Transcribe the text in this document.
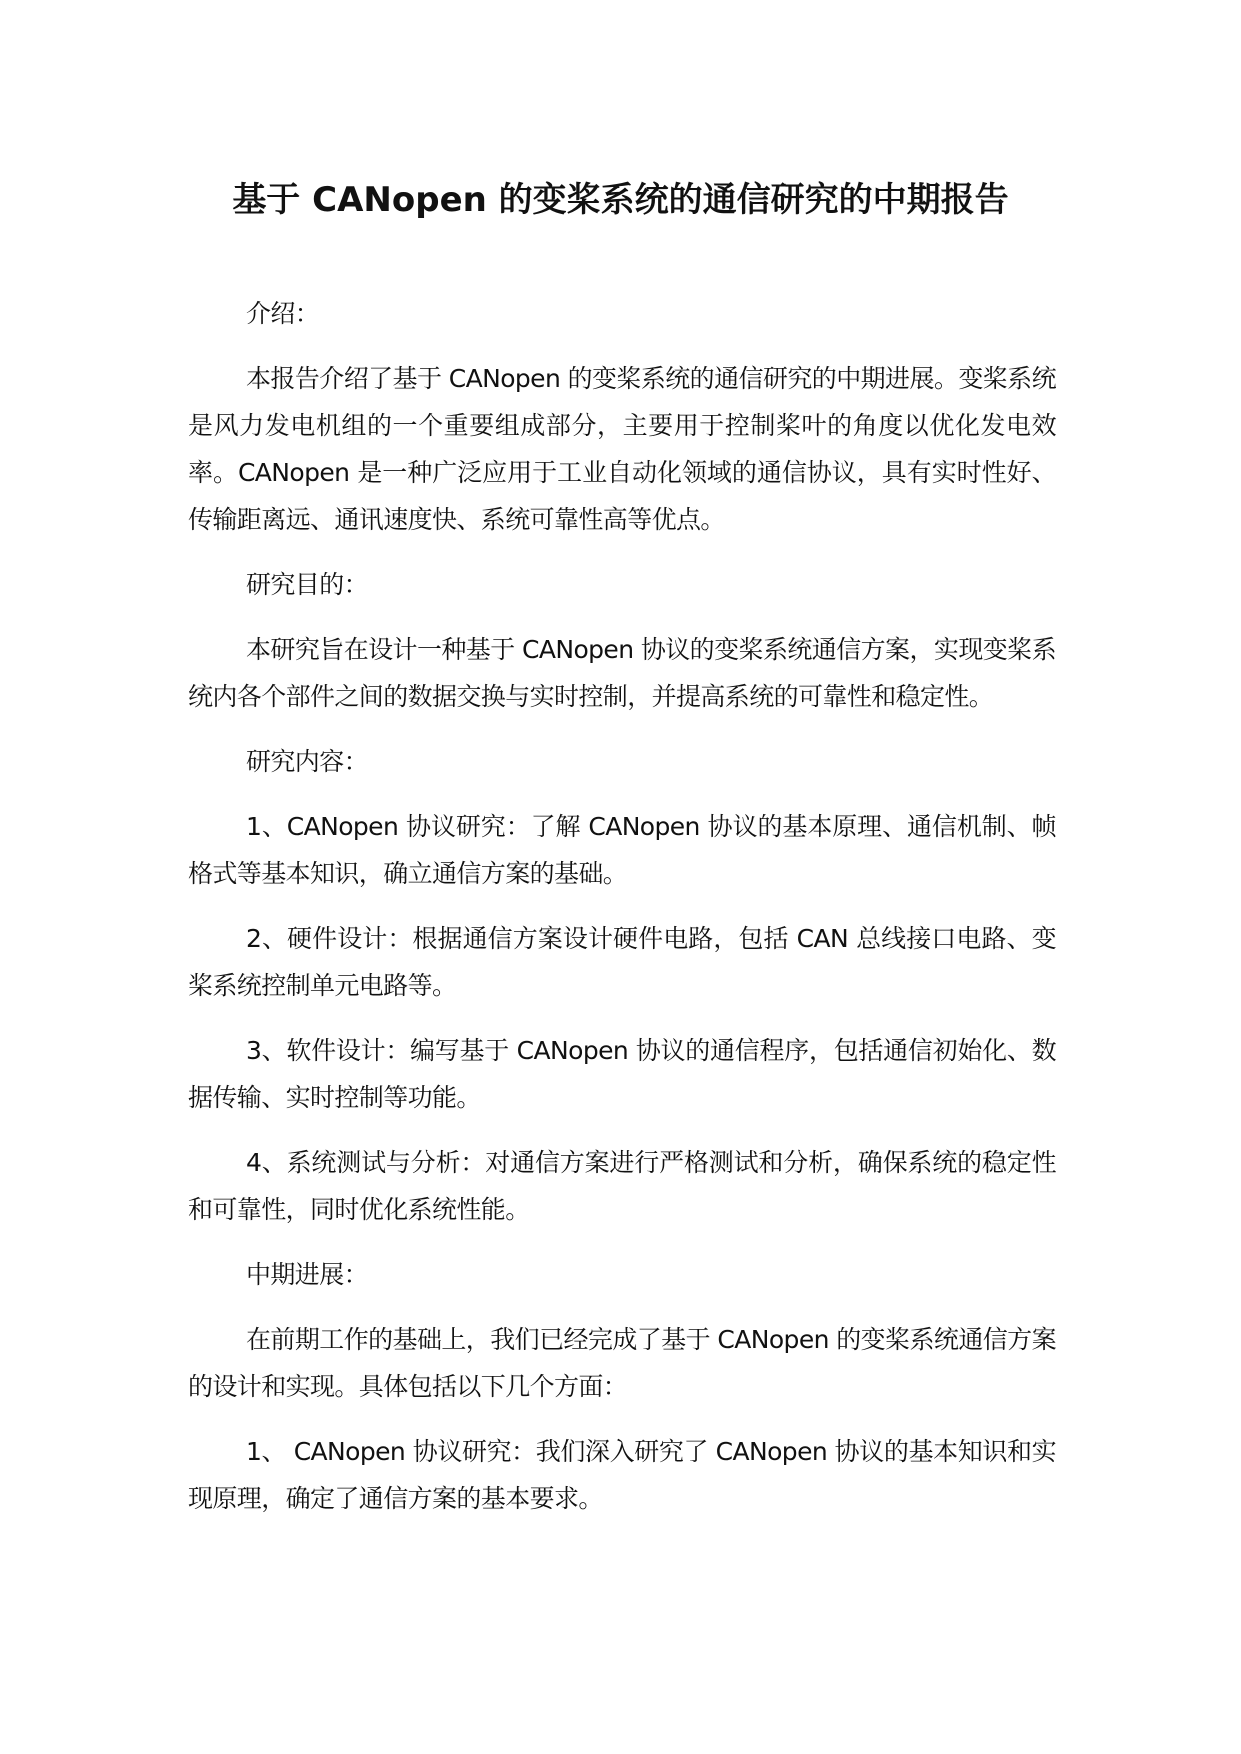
基于 CANopen 的变桨系统的通信研究的中期报告

介绍：

本报告介绍了基于 CANopen 的变桨系统的通信研究的中期进展。变桨系统是风力发电机组的一个重要组成部分，主要用于控制桨叶的角度以优化发电效率。CANopen 是一种广泛应用于工业自动化领域的通信协议，具有实时性好、传输距离远、通讯速度快、系统可靠性高等优点。

研究目的：

本研究旨在设计一种基于 CANopen 协议的变桨系统通信方案，实现变桨系统内各个部件之间的数据交换与实时控制，并提高系统的可靠性和稳定性。

研究内容：

1、CANopen 协议研究：了解 CANopen 协议的基本原理、通信机制、帧格式等基本知识，确立通信方案的基础。

2、硬件设计：根据通信方案设计硬件电路，包括 CAN 总线接口电路、变桨系统控制单元电路等。

3、软件设计：编写基于 CANopen 协议的通信程序，包括通信初始化、数据传输、实时控制等功能。

4、系统测试与分析：对通信方案进行严格测试和分析，确保系统的稳定性和可靠性，同时优化系统性能。

中期进展：

在前期工作的基础上，我们已经完成了基于 CANopen 的变桨系统通信方案的设计和实现。具体包括以下几个方面：

1、 CANopen 协议研究：我们深入研究了 CANopen 协议的基本知识和实现原理，确定了通信方案的基本要求。
